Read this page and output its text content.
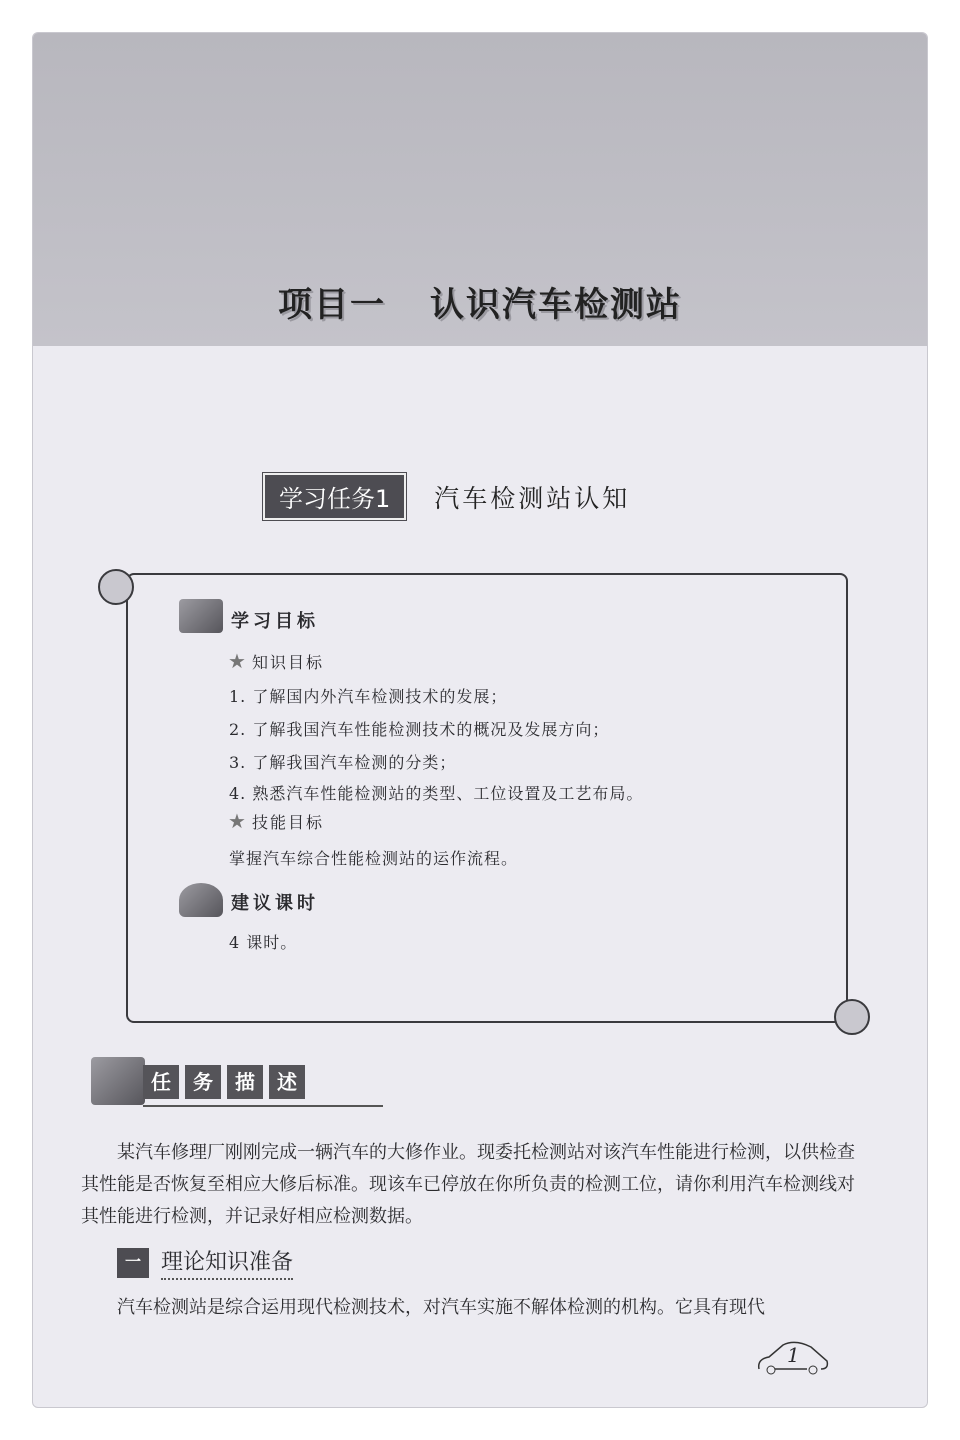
项目一 认识汽车检测站
学习任务1	汽车检测站认知
学习目标
★ 知识目标
1. 了解国内外汽车检测技术的发展；
2. 了解我国汽车性能检测技术的概况及发展方向；
3. 了解我国汽车检测的分类；
4. 熟悉汽车性能检测站的类型、工位设置及工艺布局。
★ 技能目标
掌握汽车综合性能检测站的运作流程。
建议课时
4 课时。
任	务	描	述
某汽车修理厂刚刚完成一辆汽车的大修作业。现委托检测站对该汽车性能进行检测，以供检查其性能是否恢复至相应大修后标准。现该车已停放在你所负责的检测工位，请你利用汽车检测线对其性能进行检测，并记录好相应检测数据。
一 理论知识准备
汽车检测站是综合运用现代检测技术，对汽车实施不解体检测的机构。它具有现代
1
